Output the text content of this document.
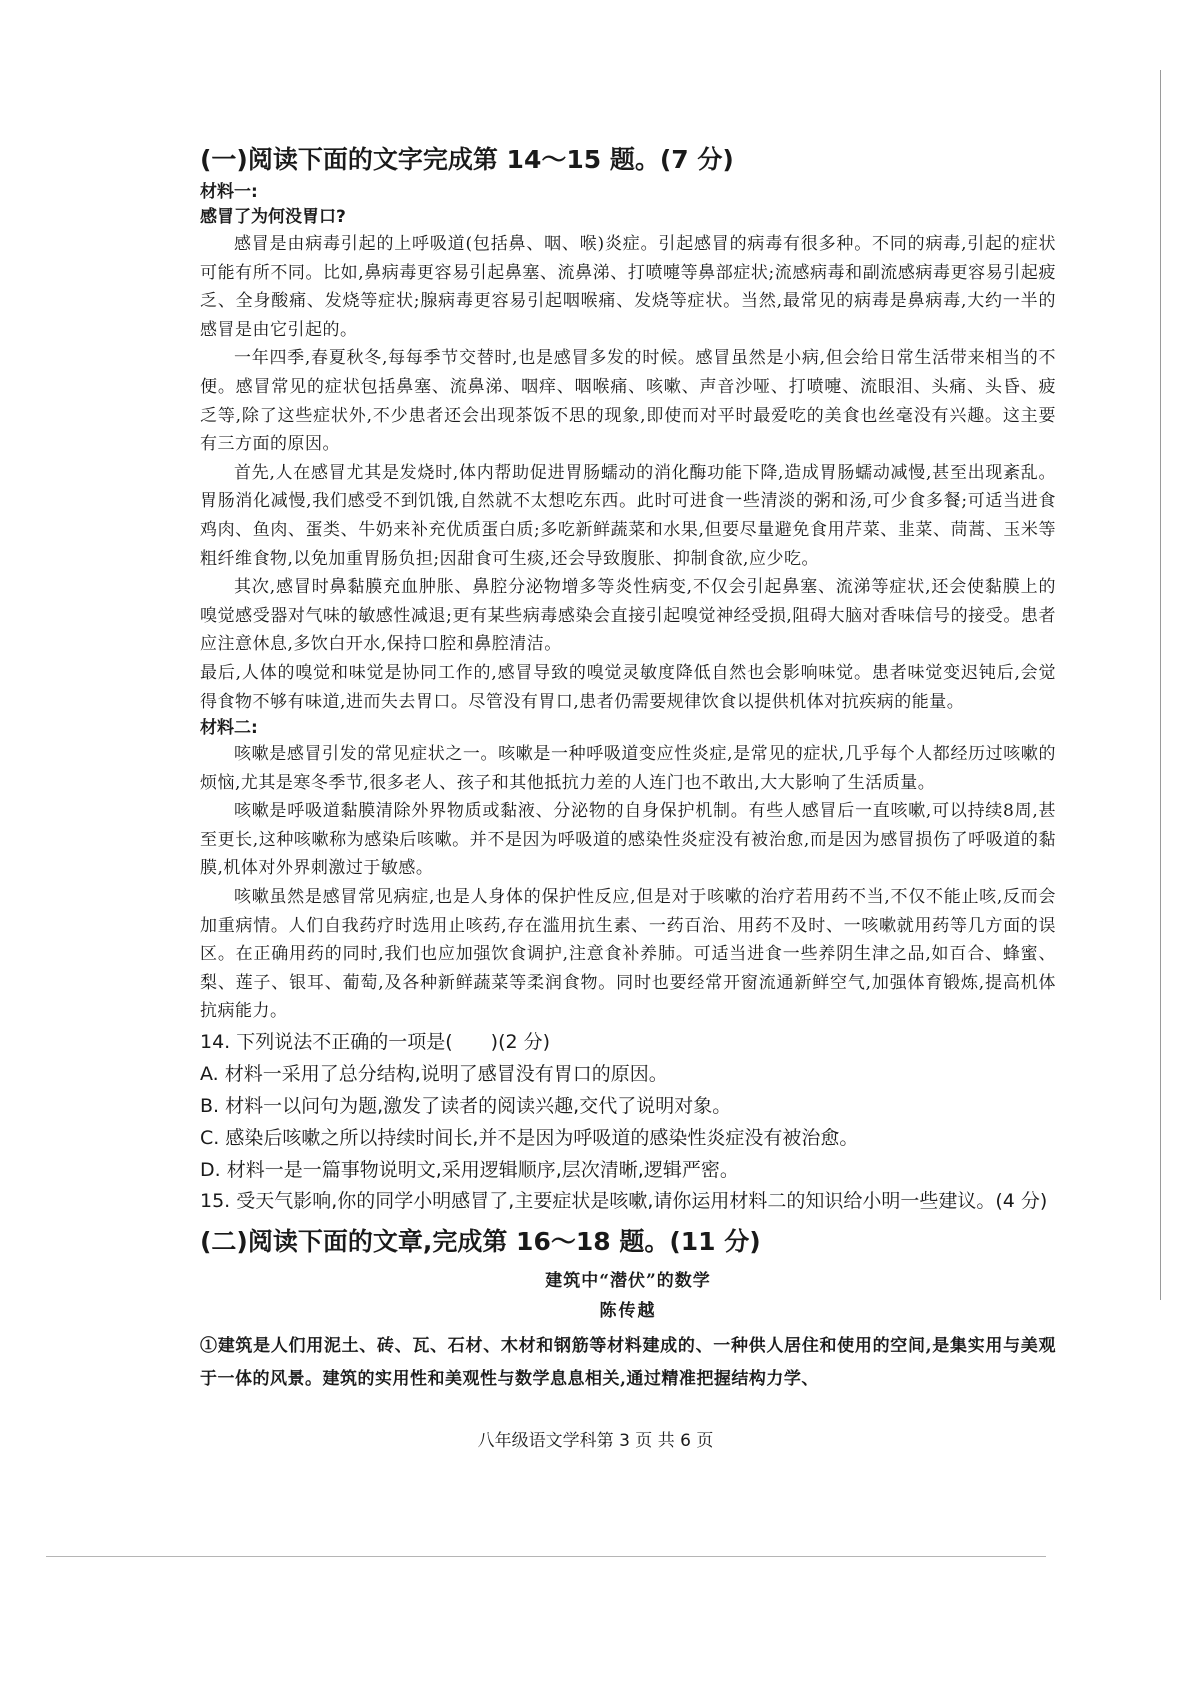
(一)阅读下面的文字完成第 14～15 题。(7 分)
材料一:
感冒了为何没胃口?

感冒是由病毒引起的上呼吸道(包括鼻、咽、喉)炎症。引起感冒的病毒有很多种。不同的病毒,引起的症状可能有所不同。比如,鼻病毒更容易引起鼻塞、流鼻涕、打喷嚏等鼻部症状;流感病毒和副流感病毒更容易引起疲乏、全身酸痛、发烧等症状;腺病毒更容易引起咽喉痛、发烧等症状。当然,最常见的病毒是鼻病毒,大约一半的感冒是由它引起的。

一年四季,春夏秋冬,每每季节交替时,也是感冒多发的时候。感冒虽然是小病,但会给日常生活带来相当的不便。感冒常见的症状包括鼻塞、流鼻涕、咽痒、咽喉痛、咳嗽、声音沙哑、打喷嚏、流眼泪、头痛、头昏、疲乏等,除了这些症状外,不少患者还会出现茶饭不思的现象,即使而对平时最爱吃的美食也丝毫没有兴趣。这主要有三方面的原因。

首先,人在感冒尤其是发烧时,体内帮助促进胃肠蠕动的消化酶功能下降,造成胃肠蠕动减慢,甚至出现紊乱。胃肠消化减慢,我们感受不到饥饿,自然就不太想吃东西。此时可进食一些清淡的粥和汤,可少食多餐;可适当进食鸡肉、鱼肉、蛋类、牛奶来补充优质蛋白质;多吃新鲜蔬菜和水果,但要尽量避免食用芹菜、韭菜、茼蒿、玉米等粗纤维食物,以免加重胃肠负担;因甜食可生痰,还会导致腹胀、抑制食欲,应少吃。

其次,感冒时鼻黏膜充血肿胀、鼻腔分泌物增多等炎性病变,不仅会引起鼻塞、流涕等症状,还会使黏膜上的嗅觉感受器对气味的敏感性减退;更有某些病毒感染会直接引起嗅觉神经受损,阻碍大脑对香味信号的接受。患者应注意休息,多饮白开水,保持口腔和鼻腔清洁。

最后,人体的嗅觉和味觉是协同工作的,感冒导致的嗅觉灵敏度降低自然也会影响味觉。患者味觉变迟钝后,会觉得食物不够有味道,进而失去胃口。尽管没有胃口,患者仍需要规律饮食以提供机体对抗疾病的能量。

材料二:

咳嗽是感冒引发的常见症状之一。咳嗽是一种呼吸道变应性炎症,是常见的症状,几乎每个人都经历过咳嗽的烦恼,尤其是寒冬季节,很多老人、孩子和其他抵抗力差的人连门也不敢出,大大影响了生活质量。

咳嗽是呼吸道黏膜清除外界物质或黏液、分泌物的自身保护机制。有些人感冒后一直咳嗽,可以持续8周,甚至更长,这种咳嗽称为感染后咳嗽。并不是因为呼吸道的感染性炎症没有被治愈,而是因为感冒损伤了呼吸道的黏膜,机体对外界刺激过于敏感。

咳嗽虽然是感冒常见病症,也是人身体的保护性反应,但是对于咳嗽的治疗若用药不当,不仅不能止咳,反而会加重病情。人们自我药疗时选用止咳药,存在滥用抗生素、一药百治、用药不及时、一咳嗽就用药等几方面的误区。在正确用药的同时,我们也应加强饮食调护,注意食补养肺。可适当进食一些养阴生津之品,如百合、蜂蜜、梨、莲子、银耳、葡萄,及各种新鲜蔬菜等柔润食物。同时也要经常开窗流通新鲜空气,加强体育锻炼,提高机体抗病能力。

14. 下列说法不正确的一项是(　　)(2 分)
A. 材料一采用了总分结构,说明了感冒没有胃口的原因。
B. 材料一以问句为题,激发了读者的阅读兴趣,交代了说明对象。
C. 感染后咳嗽之所以持续时间长,并不是因为呼吸道的感染性炎症没有被治愈。
D. 材料一是一篇事物说明文,采用逻辑顺序,层次清晰,逻辑严密。
15. 受天气影响,你的同学小明感冒了,主要症状是咳嗽,请你运用材料二的知识给小明一些建议。(4 分)
(二)阅读下面的文章,完成第 16～18 题。(11 分)
建筑中“潜伏”的数学
陈传越

①建筑是人们用泥土、砖、瓦、石材、木材和钢筋等材料建成的、一种供人居住和使用的空间,是集实用与美观于一体的风景。建筑的实用性和美观性与数学息息相关,通过精准把握结构力学、

八年级语文学科第 3 页 共 6 页
